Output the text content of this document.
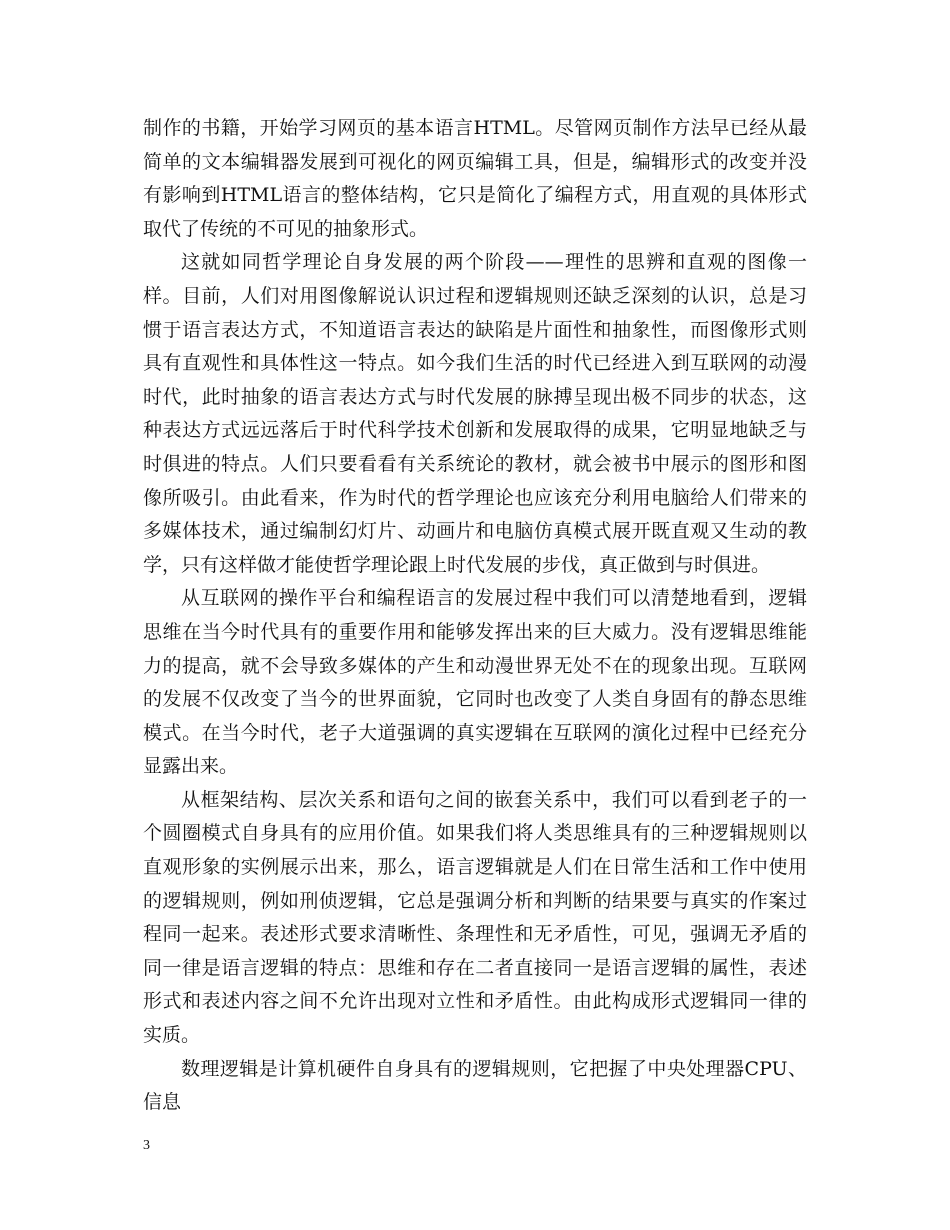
制作的书籍，开始学习网页的基本语言HTML。尽管网页制作方法早已经从最简单的文本编辑器发展到可视化的网页编辑工具，但是，编辑形式的改变并没有影响到HTML语言的整体结构，它只是简化了编程方式，用直观的具体形式取代了传统的不可见的抽象形式。

这就如同哲学理论自身发展的两个阶段——理性的思辨和直观的图像一样。目前，人们对用图像解说认识过程和逻辑规则还缺乏深刻的认识，总是习惯于语言表达方式，不知道语言表达的缺陷是片面性和抽象性，而图像形式则具有直观性和具体性这一特点。如今我们生活的时代已经进入到互联网的动漫时代，此时抽象的语言表达方式与时代发展的脉搏呈现出极不同步的状态，这种表达方式远远落后于时代科学技术创新和发展取得的成果，它明显地缺乏与时俱进的特点。人们只要看看有关系统论的教材，就会被书中展示的图形和图像所吸引。由此看来，作为时代的哲学理论也应该充分利用电脑给人们带来的多媒体技术，通过编制幻灯片、动画片和电脑仿真模式展开既直观又生动的教学，只有这样做才能使哲学理论跟上时代发展的步伐，真正做到与时俱进。

从互联网的操作平台和编程语言的发展过程中我们可以清楚地看到，逻辑思维在当今时代具有的重要作用和能够发挥出来的巨大威力。没有逻辑思维能力的提高，就不会导致多媒体的产生和动漫世界无处不在的现象出现。互联网的发展不仅改变了当今的世界面貌，它同时也改变了人类自身固有的静态思维模式。在当今时代，老子大道强调的真实逻辑在互联网的演化过程中已经充分显露出来。

从框架结构、层次关系和语句之间的嵌套关系中，我们可以看到老子的一个圆圈模式自身具有的应用价值。如果我们将人类思维具有的三种逻辑规则以直观形象的实例展示出来，那么，语言逻辑就是人们在日常生活和工作中使用的逻辑规则，例如刑侦逻辑，它总是强调分析和判断的结果要与真实的作案过程同一起来。表述形式要求清晰性、条理性和无矛盾性，可见，强调无矛盾的同一律是语言逻辑的特点：思维和存在二者直接同一是语言逻辑的属性，表述形式和表述内容之间不允许出现对立性和矛盾性。由此构成形式逻辑同一律的实质。

数理逻辑是计算机硬件自身具有的逻辑规则，它把握了中央处理器CPU、信息

3
